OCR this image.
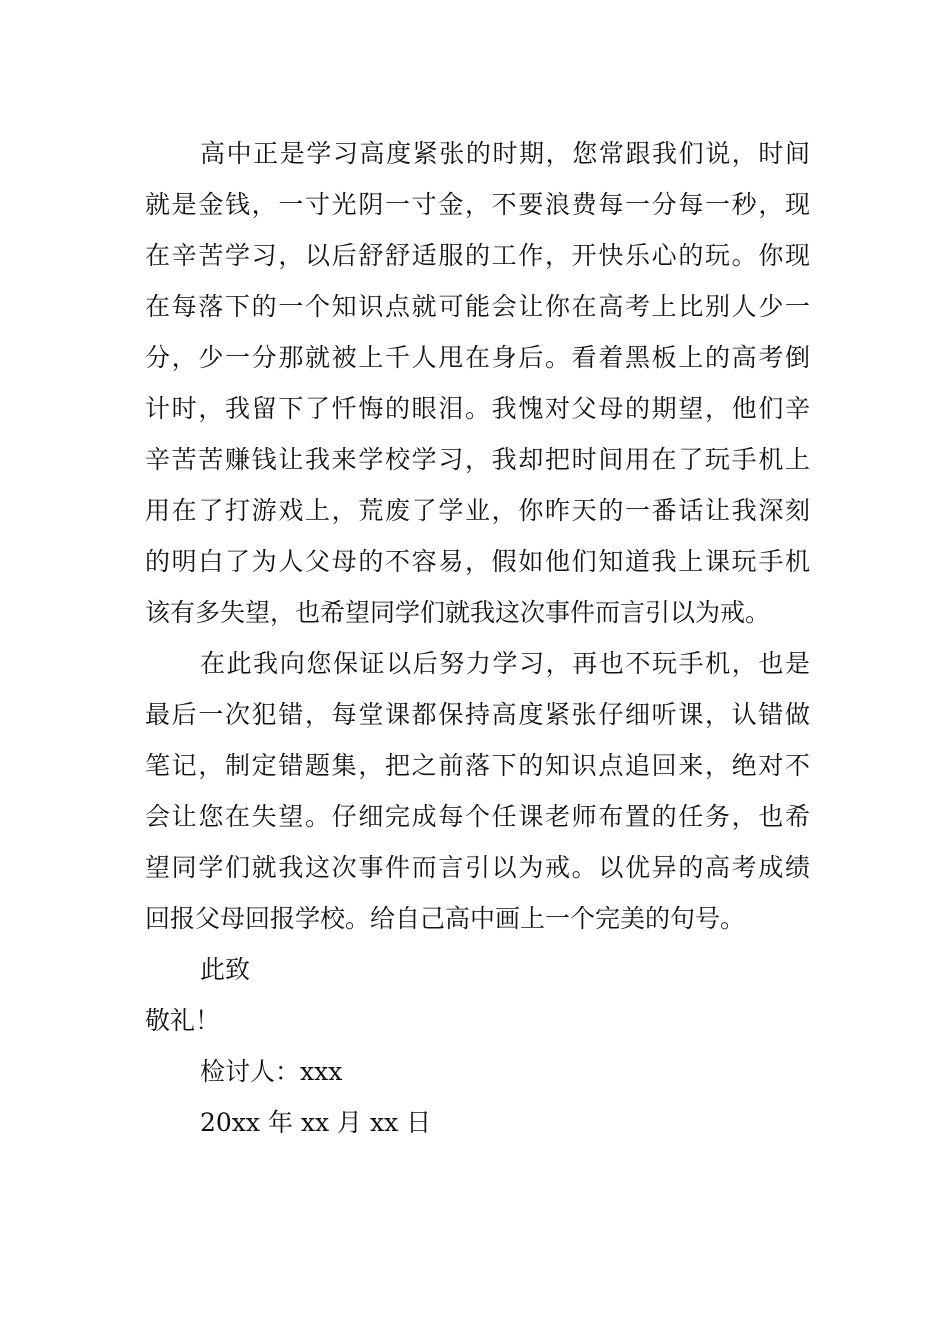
高中正是学习高度紧张的时期，您常跟我们说，时间
就是金钱，一寸光阴一寸金，不要浪费每一分每一秒，现
在辛苦学习，以后舒舒适服的工作，开快乐心的玩。你现
在每落下的一个知识点就可能会让你在高考上比别人少一
分，少一分那就被上千人甩在身后。看着黑板上的高考倒
计时，我留下了忏悔的眼泪。我愧对父母的期望，他们辛
辛苦苦赚钱让我来学校学习，我却把时间用在了玩手机上
用在了打游戏上，荒废了学业，你昨天的一番话让我深刻
的明白了为人父母的不容易，假如他们知道我上课玩手机
该有多失望，也希望同学们就我这次事件而言引以为戒。
在此我向您保证以后努力学习，再也不玩手机，也是
最后一次犯错，每堂课都保持高度紧张仔细听课，认错做
笔记，制定错题集，把之前落下的知识点追回来，绝对不
会让您在失望。仔细完成每个任课老师布置的任务，也希
望同学们就我这次事件而言引以为戒。以优异的高考成绩
回报父母回报学校。给自己高中画上一个完美的句号。
此致
敬礼！
检讨人：xxx
20xx 年 xx 月 xx 日
